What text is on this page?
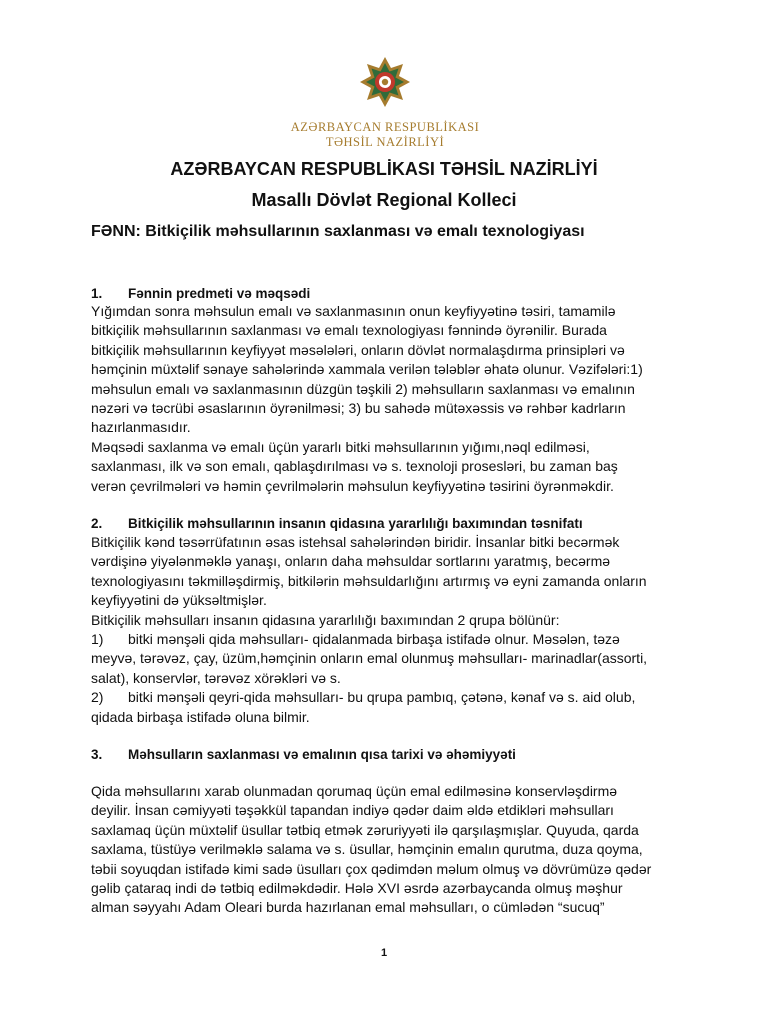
AZƏRBAYCAN RESPUBLİKASI
TƏHSİL NAZİRLİYİ
AZƏRBAYCAN RESPUBLİKASI TƏHSİL NAZİRLİYİ
Masallı Dövlət Regional Kolleci
FƏNN: Bitkiçilik məhsullarının saxlanması və emalı texnologiyası
1. Fənnin predmeti və məqsədi
Yığımdan sonra məhsulun emalı və saxlanmasının onun keyfiyyətinə təsiri, tamamilə
bitkiçilik məhsullarının saxlanması və emalı texnologiyası fənnində öyrənilir. Burada
bitkiçilik məhsullarının keyfiyyət məsələləri, onların dövlət normalaşdırma prinsipləri və
həmçinin müxtəlif sənaye sahələrində xammala verilən tələblər əhatə olunur. Vəzifələri:1)
məhsulun emalı və saxlanmasının düzgün təşkili 2) məhsulların saxlanması və emalının
nəzəri və təcrübi əsaslarının öyrənilməsi; 3) bu sahədə mütəxəssis və rəhbər kadrların
hazırlanmasıdır.
Məqsədi saxlanma və emalı üçün yararlı bitki məhsullarının yığımı,nəql edilməsi,
saxlanması, ilk və son emalı, qablaşdırılması və s. texnoloji prosesləri, bu zaman baş
verən çevrilmələri və həmin çevrilmələrin məhsulun keyfiyyətinə təsirini öyrənməkdir.
2. Bitkiçilik məhsullarının insanın qidasına yararlılığı baxımından təsnifatı
Bitkiçilik kənd təsərrüfatının əsas istehsal sahələrindən biridir. İnsanlar bitki becərmək
vərdişinə yiyələnməklə yanaşı, onların daha məhsuldar sortlarını yaratmış, becərmə
texnologiyasını təkmilləşdirmiş, bitkilərin məhsuldarlığını artırmış və eyni zamanda onların
keyfiyyətini də yüksəltmişlər.
Bitkiçilik məhsulları insanın qidasına yararlılığı baxımından 2 qrupa bölünür:
1) bitki mənşəli qida məhsulları- qidalanmada birbaşa istifadə olnur. Məsələn, təzə
meyvə, tərəvəz, çay, üzüm,həmçinin onların emal olunmuş məhsulları- marinadlar(assorti,
salat), konservlər, tərəvəz xörəkləri və s.
2) bitki mənşəli qeyri-qida məhsulları- bu qrupa pambıq, çətənə, kənaf və s. aid olub,
qidada birbaşa istifadə oluna bilmir.
3. Məhsulların saxlanması və emalının qısa tarixi və əhəmiyyəti
Qida məhsullarını xarab olunmadan qorumaq üçün emal edilməsinə konservləşdirmə
deyilir. İnsan cəmiyyəti təşəkkül tapandan indiyə qədər daim əldə etdikləri məhsulları
saxlamaq üçün müxtəlif üsullar tətbiq etmək zəruriyyəti ilə qarşılaşmışlar. Quyuda, qarda
saxlama, tüstüyə verilməklə salama və s. üsullar, həmçinin emalın qurutma, duza qoyma,
təbii soyuqdan istifadə kimi sadə üsulları çox qədimdən məlum olmuş və dövrümüzə qədər
gəlib çataraq indi də tətbiq edilməkdədir. Hələ XVI əsrdə azərbaycanda olmuş məşhur
alman səyyahı Adam Oleari burda hazırlanan emal məhsulları, o cümlədən “sucuq”
1
